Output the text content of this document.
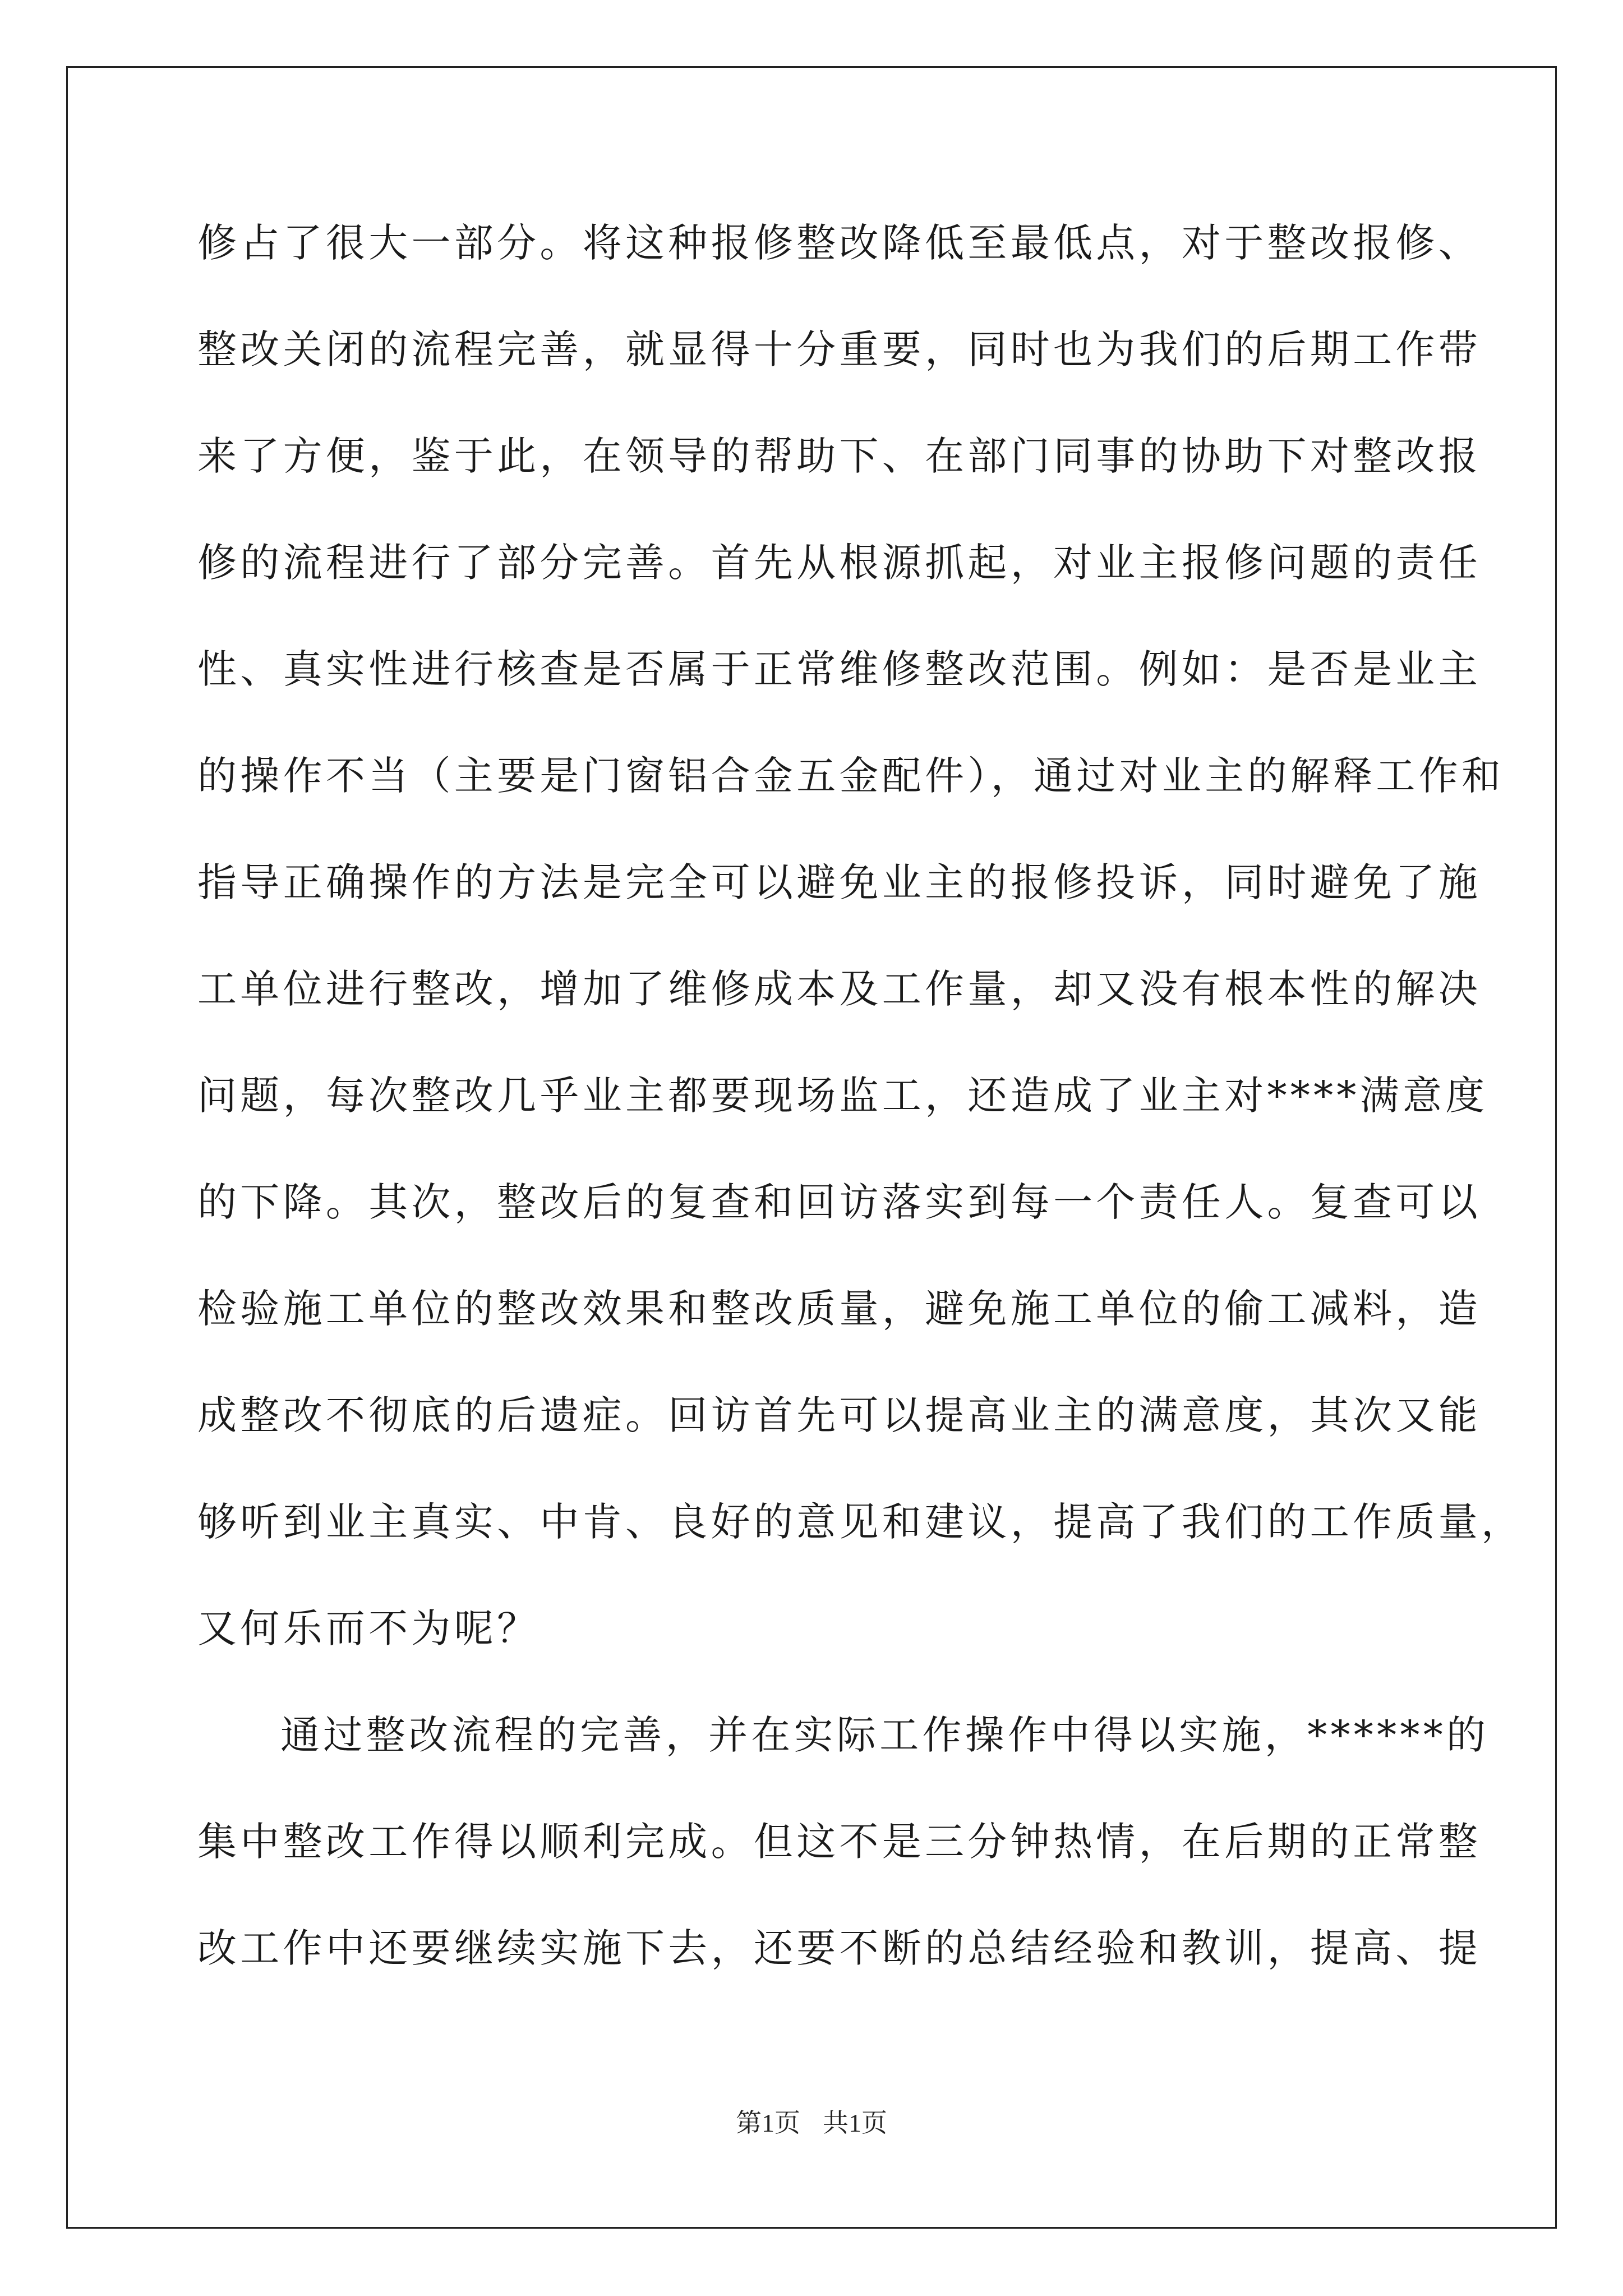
修占了很大一部分。将这种报修整改降低至最低点，对于整改报修、
整改关闭的流程完善，就显得十分重要，同时也为我们的后期工作带
来了方便，鉴于此，在领导的帮助下、在部门同事的协助下对整改报
修的流程进行了部分完善。首先从根源抓起，对业主报修问题的责任
性、真实性进行核查是否属于正常维修整改范围。例如：是否是业主
的操作不当（主要是门窗铝合金五金配件），通过对业主的解释工作和
指导正确操作的方法是完全可以避免业主的报修投诉，同时避免了施
工单位进行整改，增加了维修成本及工作量，却又没有根本性的解决
问题，每次整改几乎业主都要现场监工，还造成了业主对****满意度
的下降。其次，整改后的复查和回访落实到每一个责任人。复查可以
检验施工单位的整改效果和整改质量，避免施工单位的偷工减料，造
成整改不彻底的后遗症。回访首先可以提高业主的满意度，其次又能
够听到业主真实、中肯、良好的意见和建议，提高了我们的工作质量，
又何乐而不为呢？
通过整改流程的完善，并在实际工作操作中得以实施，******的
集中整改工作得以顺利完成。但这不是三分钟热情，在后期的正常整
改工作中还要继续实施下去，还要不断的总结经验和教训，提高、提
第1页 共1页
